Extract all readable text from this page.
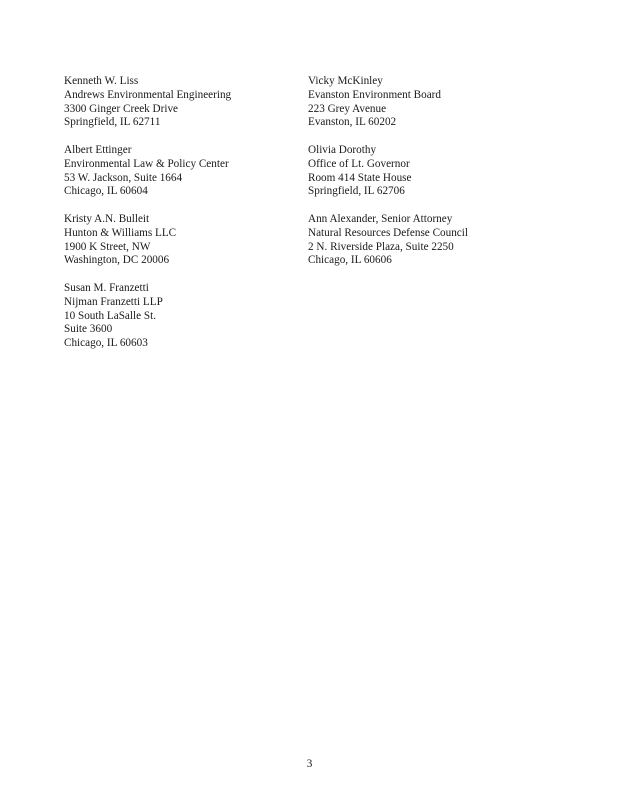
Kenneth W. Liss
Andrews Environmental Engineering
3300 Ginger Creek Drive
Springfield, IL 62711
Vicky McKinley
Evanston Environment Board
223 Grey Avenue
Evanston, IL 60202
Albert Ettinger
Environmental Law & Policy Center
53 W. Jackson, Suite 1664
Chicago, IL 60604
Olivia Dorothy
Office of Lt. Governor
Room 414 State House
Springfield, IL 62706
Kristy A.N. Bulleit
Hunton & Williams LLC
1900 K Street, NW
Washington, DC 20006
Ann Alexander, Senior Attorney
Natural Resources Defense Council
2 N. Riverside Plaza, Suite 2250
Chicago, IL 60606
Susan M. Franzetti
Nijman Franzetti LLP
10 South LaSalle St.
Suite 3600
Chicago, IL 60603
3
